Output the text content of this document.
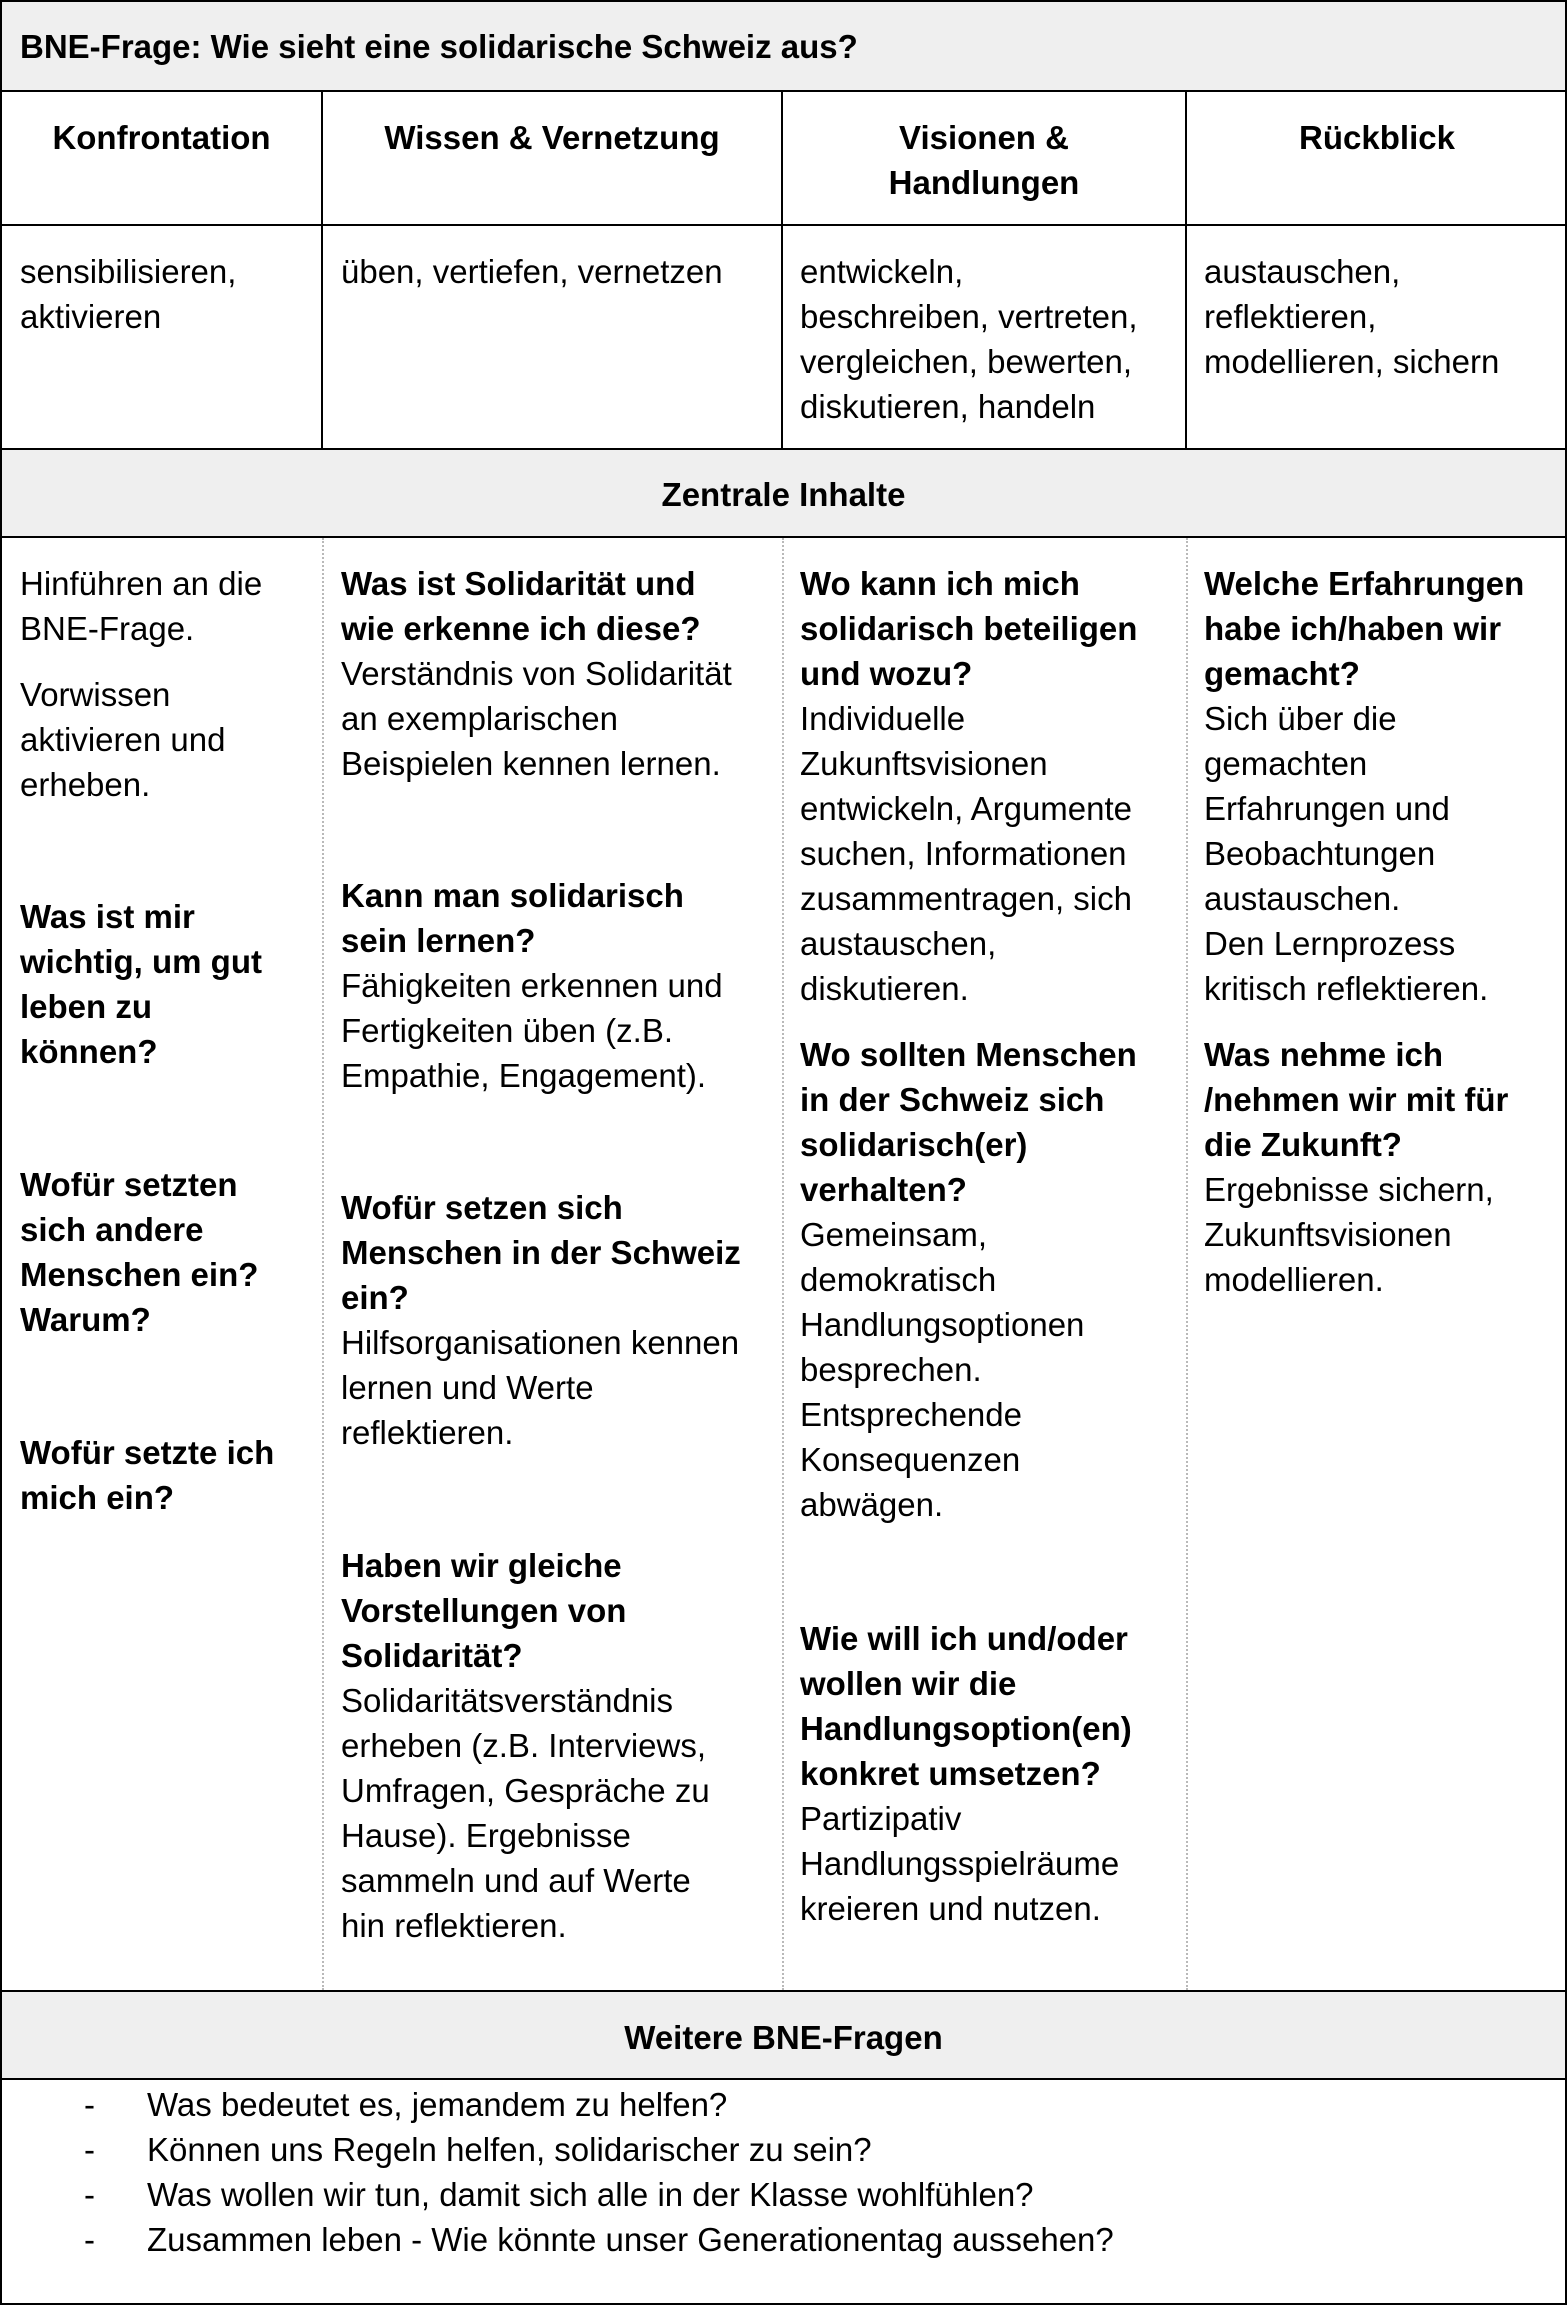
BNE-Frage: Wie sieht eine solidarische Schweiz aus?
Konfrontation	Wissen & Vernetzung	Visionen &
Handlungen
Rückblick
sensibilisieren,
aktivieren
üben, vertiefen, vernetzen entwickeln,
beschreiben, vertreten,
vergleichen, bewerten,
diskutieren, handeln
austauschen,
reflektieren,
modellieren, sichern
Zentrale Inhalte
Hinführen an die
BNE-Frage.
Vorwissen
aktivieren und
erheben.
Was ist mir
wichtig, um gut
leben zu
können?
Wofür setzten
sich andere
Menschen ein?
Warum?
Wofür setzte ich
mich ein?
Was ist Solidarität und
wie erkenne ich diese?
Verständnis von Solidarität
an exemplarischen
Beispielen kennen lernen.
Kann man solidarisch
sein lernen?
Fähigkeiten erkennen und
Fertigkeiten üben (z.B.
Empathie, Engagement).
Wofür setzen sich
Menschen in der Schweiz
ein?
Hilfsorganisationen kennen
lernen und Werte
reflektieren.
Haben wir gleiche
Vorstellungen von
Solidarität?
Solidaritätsverständnis
erheben (z.B. Interviews,
Umfragen, Gespräche zu
Hause). Ergebnisse
sammeln und auf Werte
hin reflektieren.
Wo kann ich mich
solidarisch beteiligen
und wozu?
Individuelle
Zukunftsvisionen
entwickeln, Argumente
suchen, Informationen
zusammentragen, sich
austauschen,
diskutieren.
Wo sollten Menschen
in der Schweiz sich
solidarisch(er)
verhalten?
Gemeinsam,
demokratisch
Handlungsoptionen
besprechen.
Entsprechende
Konsequenzen
abwägen.
Wie will ich und/oder
wollen wir die
Handlungsoption(en)
konkret umsetzen?
Partizipativ
Handlungsspielräume
kreieren und nutzen.
Welche Erfahrungen
habe ich/haben wir
gemacht?
Sich über die
gemachten
Erfahrungen und
Beobachtungen
austauschen.
Den Lernprozess
kritisch reflektieren.
Was nehme ich
/nehmen wir mit für
die Zukunft?
Ergebnisse sichern,
Zukunftsvisionen
modellieren.
Weitere BNE-Fragen
- Was bedeutet es, jemandem zu helfen?
- Können uns Regeln helfen, solidarischer zu sein?
- Was wollen wir tun, damit sich alle in der Klasse wohlfühlen?
- Zusammen leben - Wie könnte unser Generationentag aussehen?
